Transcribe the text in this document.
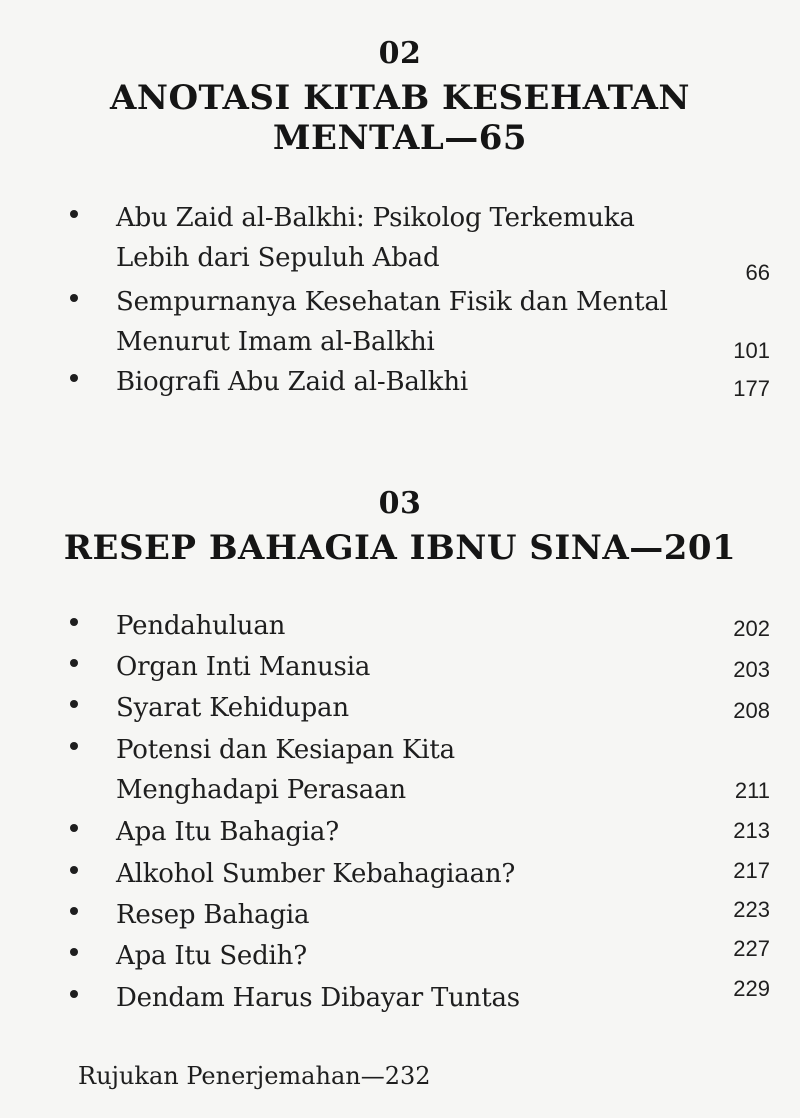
02
ANOTASI KITAB KESEHATAN
MENTAL—65
Abu Zaid al-Balkhi: Psikolog Terkemuka
Lebih dari Sepuluh Abad	66
Sempurnanya Kesehatan Fisik dan Mental
Menurut Imam al-Balkhi	101
Biografi Abu Zaid al-Balkhi	177
03
RESEP BAHAGIA IBNU SINA—201
Pendahuluan	202
Organ Inti Manusia	203
Syarat Kehidupan	208
Potensi dan Kesiapan Kita
Menghadapi Perasaan	211
Apa Itu Bahagia?	213
Alkohol Sumber Kebahagiaan?	217
Resep Bahagia	223
Apa Itu Sedih?	227
Dendam Harus Dibayar Tuntas	229
Rujukan Penerjemahan—232
